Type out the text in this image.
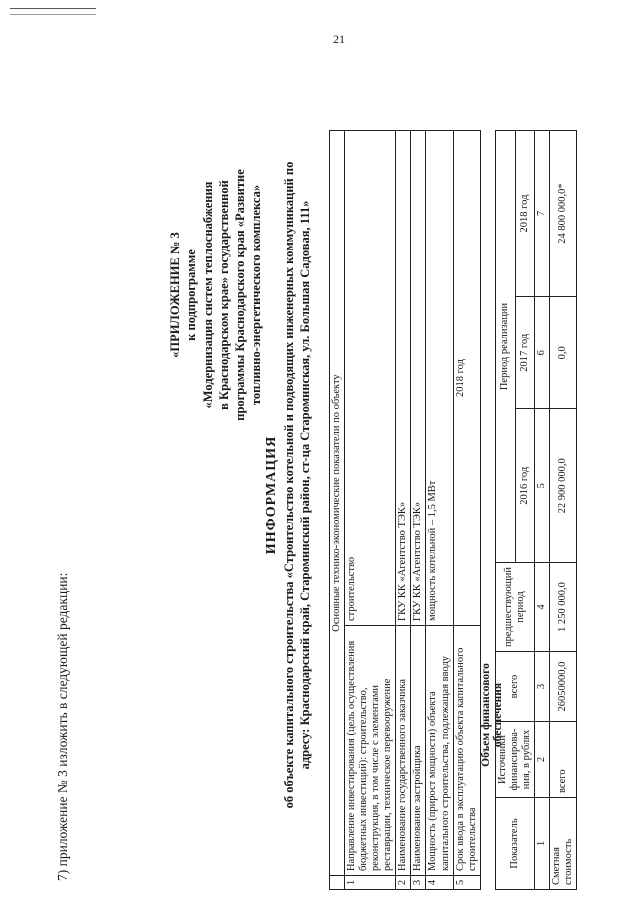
21
7) приложение № 3 изложить в следующей редакции:
«ПРИЛОЖЕНИЕ № 3 к подпрограмме «Модернизация систем теплоснабжения в Краснодарском крае» государственной программы Краснодарского края «Развитие топливно-энергетического комплекса»
ИНФОРМАЦИЯ об объекте капитального строительства «Строительство котельной и подводящих инженерных коммуникаций по адресу: Краснодарский край, Староминский район, ст-ца Староминская, ул. Большая Садовая, 111»
	Основные технико-экономические показатели по объекту	
1	Направление инвестирования (цель осуществления бюджетных инвестиций): строительство, реконструкция, в том числе с элементами реставрации, техническое перевооружение	строительство
2	Наименование государственного заказчика	ГКУ КК «Агентство ТЭК»
3	Наименование застройщика	ГКУ КК «Агентство ТЭК»
4	Мощность (прирост мощности) объекта капитального строительства, подлежащая вводу	мощность котельной – 1,5 МВт
5	Срок ввода в эксплуатацию объекта капитального строительства	2018 год
Объем финансового обеспечения
Показатель	Источники финансирова-ния, в рублях	всего	предшествующий период	Период реализации		
				2016 год	2017 год	2018 год
1	2	3	4	5	6	7
Сметная стоимость	всего	26050000,0	1 250 000,0	22 900 000,0	0,0	24 800 000,0*
